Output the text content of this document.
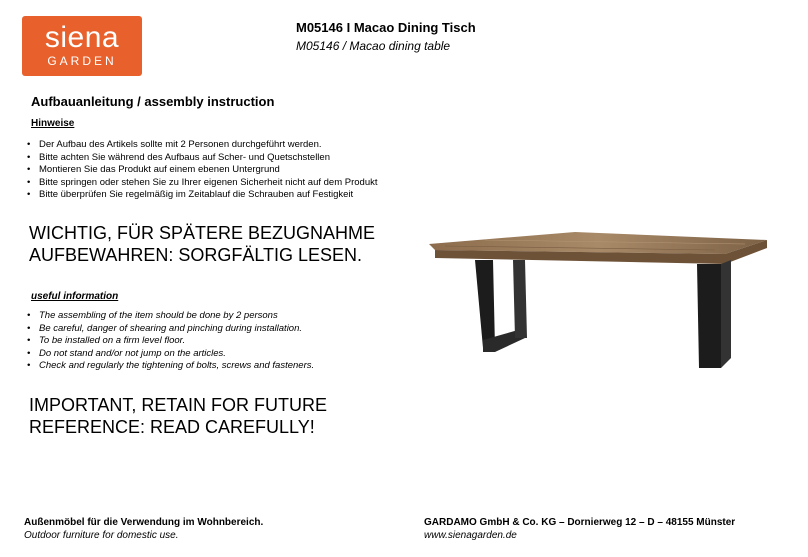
siena
GARDEN
M05146 I Macao Dining Tisch
M05146 / Macao dining table
Aufbauanleitung / assembly instruction
Hinweise
• Der Aufbau des Artikels sollte mit 2 Personen durchgeführt werden.
• Bitte achten Sie während des Aufbaus auf Scher- und Quetschstellen
• Montieren Sie das Produkt auf einem ebenen Untergrund
• Bitte springen oder stehen Sie zu Ihrer eigenen Sicherheit nicht auf dem Produkt
• Bitte überprüfen Sie regelmäßig im Zeitablauf die Schrauben auf Festigkeit
WICHTIG, FÜR SPÄTERE BEZUGNAHME
AUFBEWAHREN: SORGFÄLTIG LESEN.
useful information
• The assembling of the item should be done by 2 persons
• Be careful, danger of shearing and pinching during installation.
• To be installed on a firm level floor.
• Do not stand and/or not jump on the articles.
• Check and regularly the tightening of bolts, screws and fasteners.
IMPORTANT, RETAIN FOR FUTURE
REFERENCE: READ CAREFULLY!
Außenmöbel für die Verwendung im Wohnbereich.
Outdoor furniture for domestic use.
GARDAMO GmbH & Co. KG – Dornierweg 12 – D – 48155 Münster
www.sienagarden.de
